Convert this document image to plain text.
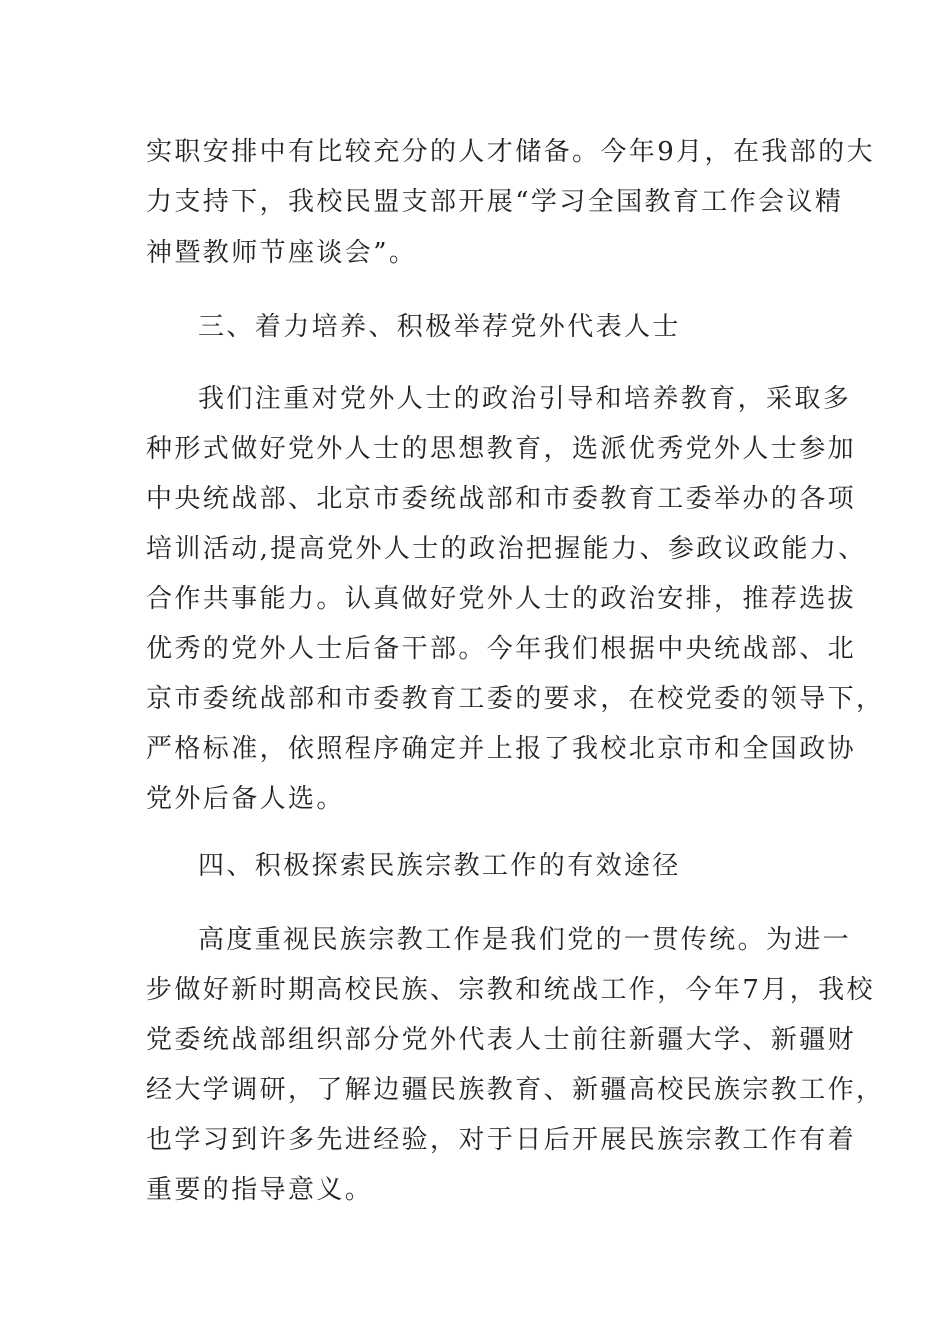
实职安排中有比较充分的人才储备。今年9月，在我部的大
力支持下，我校民盟支部开展“学习全国教育工作会议精
神暨教师节座谈会”。
三、着力培养、积极举荐党外代表人士
我们注重对党外人士的政治引导和培养教育，采取多
种形式做好党外人士的思想教育，选派优秀党外人士参加
中央统战部、北京市委统战部和市委教育工委举办的各项
培训活动,提高党外人士的政治把握能力、参政议政能力、
合作共事能力。认真做好党外人士的政治安排，推荐选拔
优秀的党外人士后备干部。今年我们根据中央统战部、北
京市委统战部和市委教育工委的要求，在校党委的领导下，
严格标准，依照程序确定并上报了我校北京市和全国政协
党外后备人选。
四、积极探索民族宗教工作的有效途径
高度重视民族宗教工作是我们党的一贯传统。为进一
步做好新时期高校民族、宗教和统战工作，今年7月，我校
党委统战部组织部分党外代表人士前往新疆大学、新疆财
经大学调研，了解边疆民族教育、新疆高校民族宗教工作，
也学习到许多先进经验，对于日后开展民族宗教工作有着
重要的指导意义。
